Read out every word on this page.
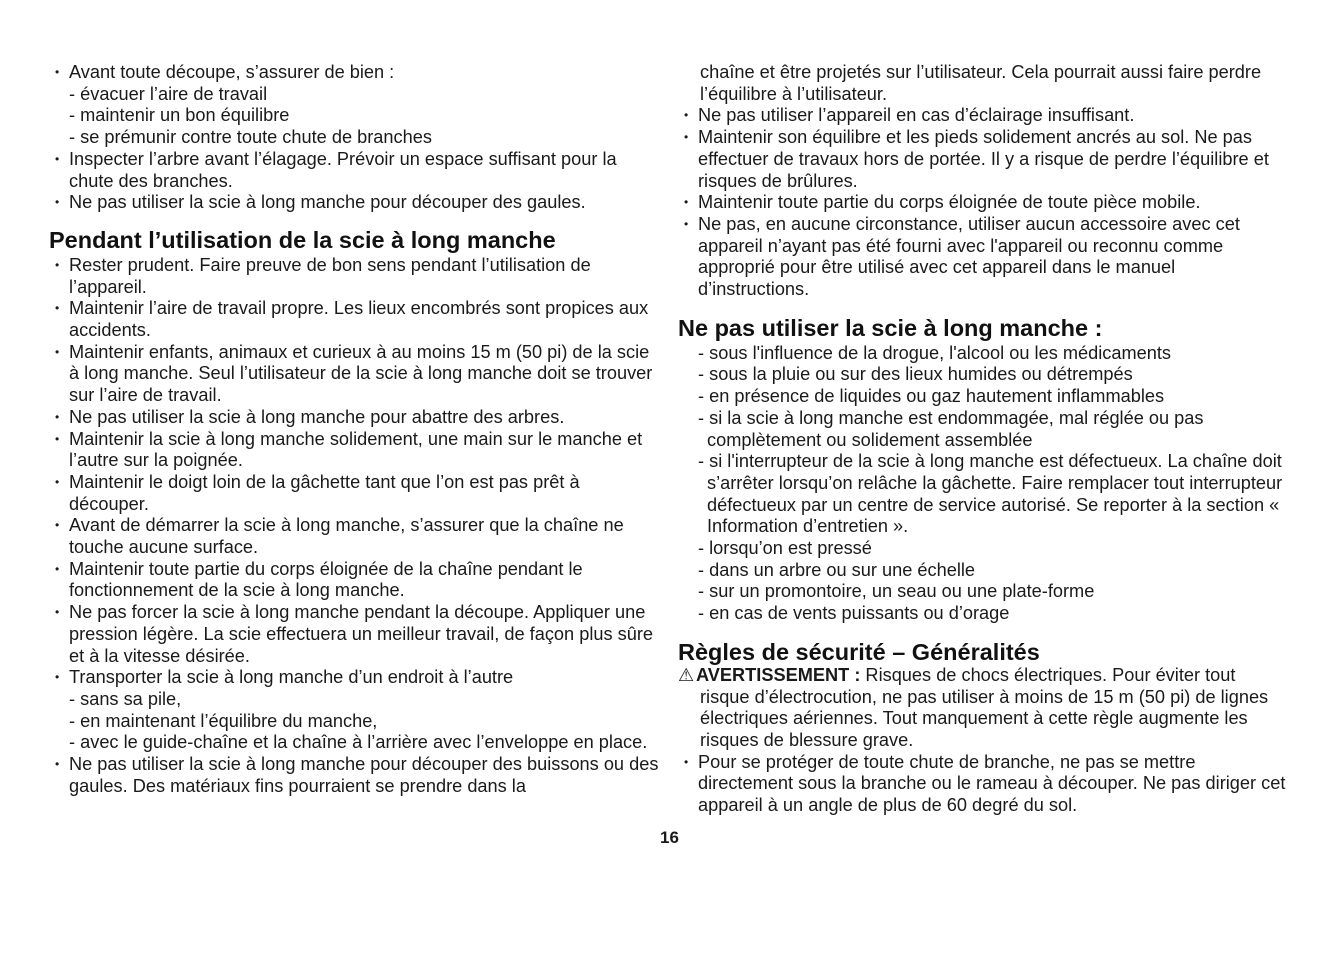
• Avant toute découpe, s’assurer de bien :

- évacuer l’aire de travail

- maintenir un bon équilibre

- se prémunir contre toute chute de branches

• Inspecter l’arbre avant l’élagage. Prévoir un espace suffisant pour la chute des branches.

• Ne pas utiliser la scie à long manche pour découper des gaules.

Pendant l’utilisation de la scie à long manche

• Rester prudent. Faire preuve de bon sens pendant l’utilisation de l’appareil.

• Maintenir l’aire de travail propre. Les lieux encombrés sont propices aux accidents.

• Maintenir enfants, animaux et curieux à au moins 15 m (50 pi) de la scie à long manche. Seul l’utilisateur de la scie à long manche doit se trouver sur l’aire de travail.

• Ne pas utiliser la scie à long manche pour abattre des arbres.

• Maintenir la scie à long manche solidement, une main sur le manche et l’autre sur la poignée.

• Maintenir le doigt loin de la gâchette tant que l’on est pas prêt à découper.

• Avant de démarrer la scie à long manche, s’assurer que la chaîne ne touche aucune surface.

• Maintenir toute partie du corps éloignée de la chaîne pendant le fonctionnement de la scie à long manche.

• Ne pas forcer la scie à long manche pendant la découpe. Appliquer une pression légère. La scie effectuera un meilleur travail, de façon plus sûre et à la vitesse désirée.

• Transporter la scie à long manche d’un endroit à l’autre

- sans sa pile,

- en maintenant l’équilibre du manche,

- avec le guide-chaîne et la chaîne à l’arrière avec l’enveloppe en place.

• Ne pas utiliser la scie à long manche pour découper des buissons ou des gaules. Des matériaux fins pourraient se prendre dans la

chaîne et être projetés sur l’utilisateur. Cela pourrait aussi faire perdre l’équilibre à l’utilisateur.

• Ne pas utiliser l’appareil en cas d’éclairage insuffisant.

• Maintenir son équilibre et les pieds solidement ancrés au sol. Ne pas effectuer de travaux hors de portée. Il y a risque de perdre l’équilibre et risques de brûlures.

• Maintenir toute partie du corps éloignée de toute pièce mobile.

• Ne pas, en aucune circonstance, utiliser aucun accessoire avec cet appareil n’ayant pas été fourni avec l'appareil ou reconnu comme approprié pour être utilisé avec cet appareil dans le manuel d’instructions.

Ne pas utiliser la scie à long manche :

- sous l'influence de la drogue, l'alcool ou les médicaments

- sous la pluie ou sur des lieux humides ou détrempés

- en présence de liquides ou gaz hautement inflammables

- si la scie à long manche est endommagée, mal réglée ou pas complètement ou solidement assemblée

- si l'interrupteur de la scie à long manche est défectueux. La chaîne doit s’arrêter lorsqu’on relâche la gâchette. Faire remplacer tout interrupteur défectueux par un centre de service autorisé. Se reporter à la section « Information d’entretien ».

- lorsqu’on est pressé

- dans un arbre ou sur une échelle

- sur un promontoire, un seau ou une plate-forme

- en cas de vents puissants ou d’orage

Règles de sécurité – Généralités

⚠AVERTISSEMENT : Risques de chocs électriques. Pour éviter tout risque d’électrocution, ne pas utiliser à moins de 15 m (50 pi) de lignes électriques aériennes. Tout manquement à cette règle augmente les risques de blessure grave.

• Pour se protéger de toute chute de branche, ne pas se mettre directement sous la branche ou le rameau à découper. Ne pas diriger cet appareil à un angle de plus de 60 degré du sol.

16
